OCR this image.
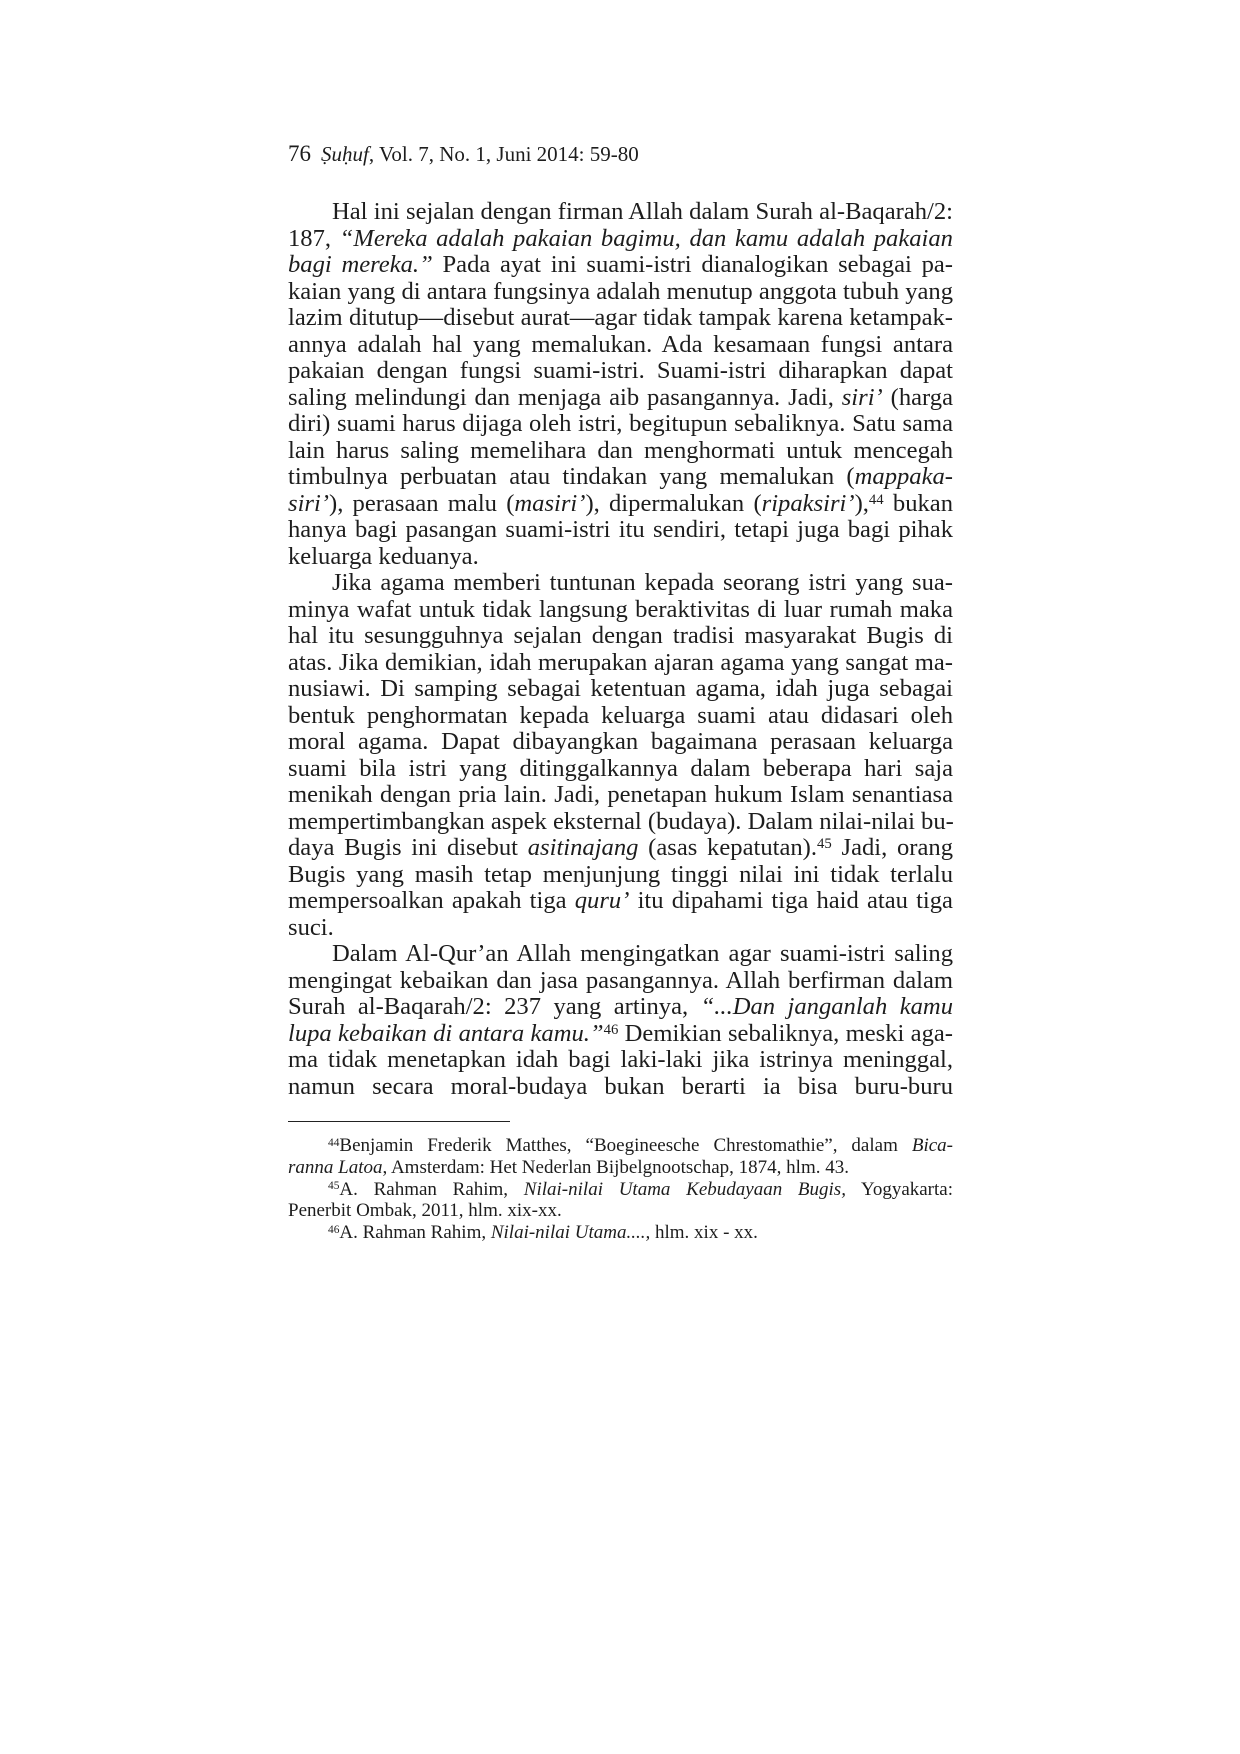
76 Ṣuḥuf, Vol. 7, No. 1, Juni 2014: 59-80
Hal ini sejalan dengan firman Allah dalam Surah al-Baqarah/2:
187, “Mereka adalah pakaian bagimu, dan kamu adalah pakaian
bagi mereka.” Pada ayat ini suami-istri dianalogikan sebagai pa-
kaian yang di antara fungsinya adalah menutup anggota tubuh yang
lazim ditutup—disebut aurat—agar tidak tampak karena ketampak-
annya adalah hal yang memalukan. Ada kesamaan fungsi antara
pakaian dengan fungsi suami-istri. Suami-istri diharapkan dapat
saling melindungi dan menjaga aib pasangannya. Jadi, siri’ (harga
diri) suami harus dijaga oleh istri, begitupun sebaliknya. Satu sama
lain harus saling memelihara dan menghormati untuk mencegah
timbulnya perbuatan atau tindakan yang memalukan (mappaka-
siri’), perasaan malu (masiri’), dipermalukan (ripaksiri’),$^{44}$ bukan
hanya bagi pasangan suami-istri itu sendiri, tetapi juga bagi pihak
keluarga keduanya.
Jika agama memberi tuntunan kepada seorang istri yang sua-
minya wafat untuk tidak langsung beraktivitas di luar rumah maka
hal itu sesungguhnya sejalan dengan tradisi masyarakat Bugis di
atas. Jika demikian, idah merupakan ajaran agama yang sangat ma-
nusiawi. Di samping sebagai ketentuan agama, idah juga sebagai
bentuk penghormatan kepada keluarga suami atau didasari oleh
moral agama. Dapat dibayangkan bagaimana perasaan keluarga
suami bila istri yang ditinggalkannya dalam beberapa hari saja
menikah dengan pria lain. Jadi, penetapan hukum Islam senantiasa
mempertimbangkan aspek eksternal (budaya). Dalam nilai-nilai bu-
daya Bugis ini disebut asitinajang (asas kepatutan).$^{45}$ Jadi, orang
Bugis yang masih tetap menjunjung tinggi nilai ini tidak terlalu
mempersoalkan apakah tiga quru’ itu dipahami tiga haid atau tiga
suci.
Dalam Al-Qur’an Allah mengingatkan agar suami-istri saling
mengingat kebaikan dan jasa pasangannya. Allah berfirman dalam
Surah al-Baqarah/2: 237 yang artinya, “...Dan janganlah kamu
lupa kebaikan di antara kamu.”$^{46}$ Demikian sebaliknya, meski aga-
ma tidak menetapkan idah bagi laki-laki jika istrinya meninggal,
namun secara moral-budaya bukan berarti ia bisa buru-buru
$^{44}$Benjamin Frederik Matthes, “Boegineesche Chrestomathie”, dalam Bica-
ranna Latoa, Amsterdam: Het Nederlan Bijbelgnootschap, 1874, hlm. 43.
$^{45}$A. Rahman Rahim, Nilai-nilai Utama Kebudayaan Bugis, Yogyakarta:
Penerbit Ombak, 2011, hlm. xix-xx.
$^{46}$A. Rahman Rahim, Nilai-nilai Utama...., hlm. xix - xx.
